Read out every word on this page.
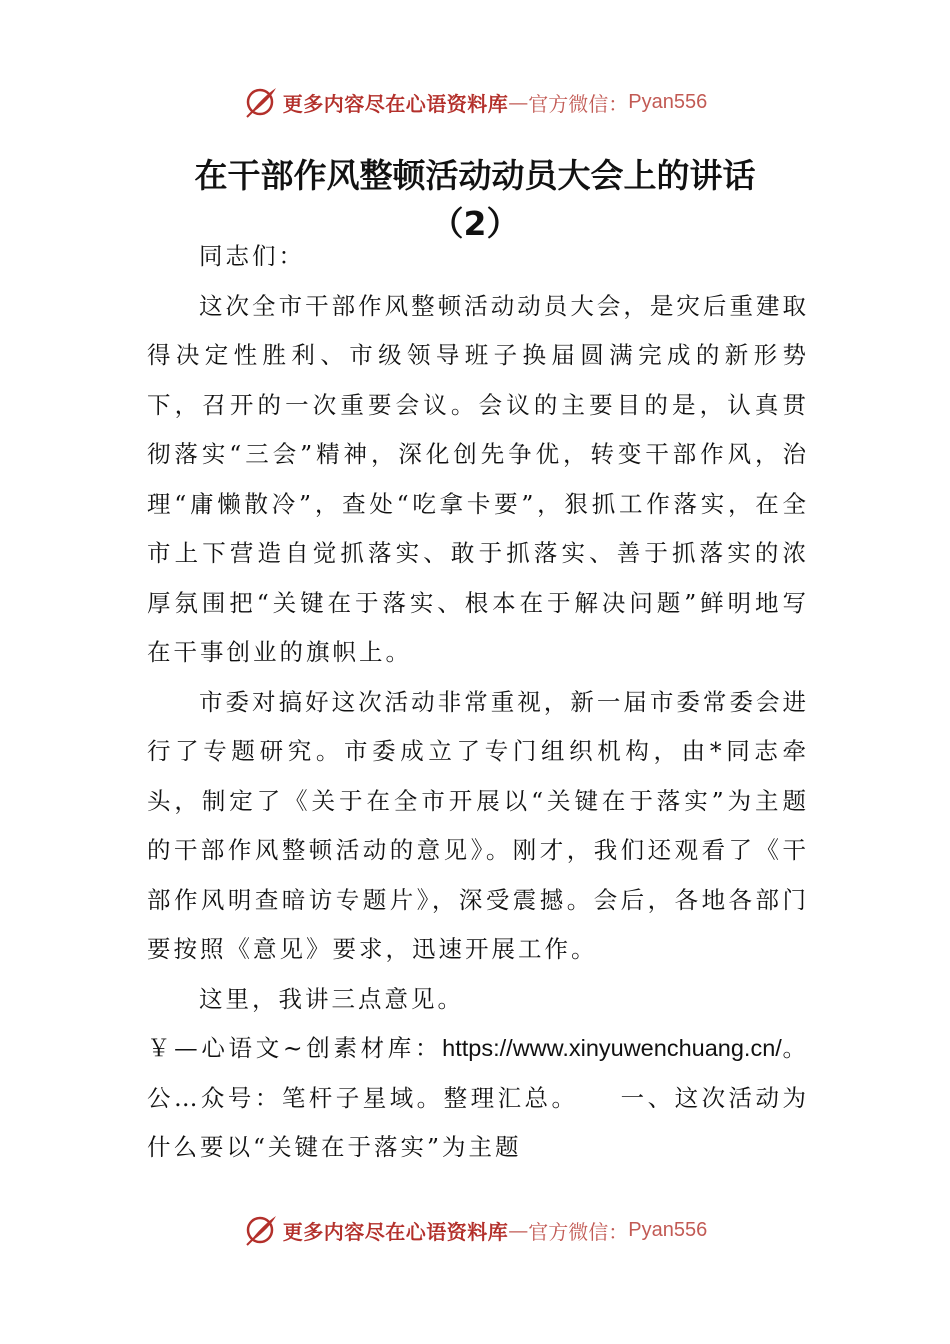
更多内容尽在心语资料库 — 官方微信： Pyan556
在干部作风整顿活动动员大会上的讲话
（2）

同志们：

这次全市干部作风整顿活动动员大会，是灾后重建取得决定性胜利、市级领导班子换届圆满完成的新形势下，召开的一次重要会议。会议的主要目的是，认真贯彻落实“三会”精神，深化创先争优，转变干部作风，治理“庸懒散冷”，查处“吃拿卡要”，狠抓工作落实，在全市上下营造自觉抓落实、敢于抓落实、善于抓落实的浓厚氛围把“关键在于落实、根本在于解决问题”鲜明地写在干事创业的旗帜上。

市委对搞好这次活动非常重视，新一届市委常委会进行了专题研究。市委成立了专门组织机构，由*同志牵头，制定了《关于在全市开展以“关键在于落实”为主题的干部作风整顿活动的意见》。刚才，我们还观看了《干部作风明查暗访专题片》，深受震撼。会后，各地各部门要按照《意见》要求，迅速开展工作。

这里，我讲三点意见。

￥—心语文~创素材库：https://www.xinyuwenchuang.cn/。公…众号：笔杆子星域。整理汇总。　　一、这次活动为什么要以“关键在于落实”为主题

更多内容尽在心语资料库 — 官方微信： Pyan556
